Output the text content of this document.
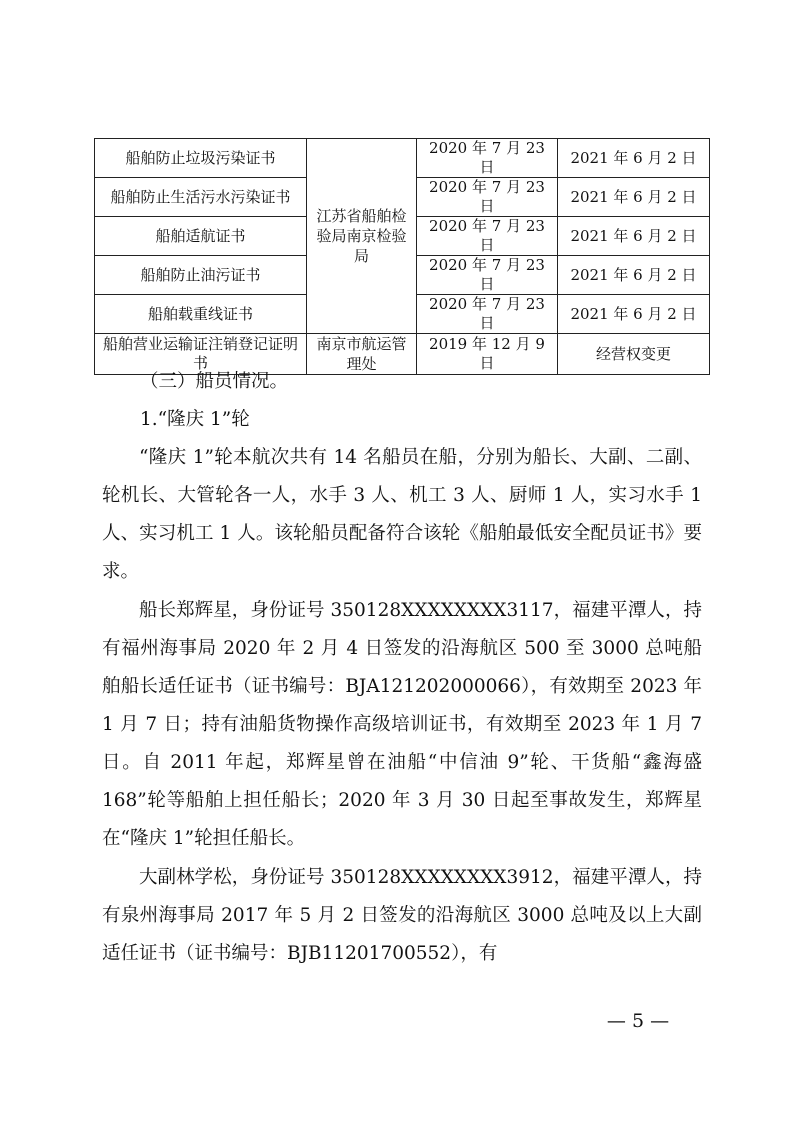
船舶防止垃圾污染证书	江苏省船舶检验局南京检验局	2020 年 7 月 23 日	2021 年 6 月 2 日
船舶防止生活污水污染证书		2020 年 7 月 23 日	2021 年 6 月 2 日
船舶适航证书		2020 年 7 月 23 日	2021 年 6 月 2 日
船舶防止油污证书		2020 年 7 月 23 日	2021 年 6 月 2 日
船舶载重线证书		2020 年 7 月 23 日	2021 年 6 月 2 日
船舶营业运输证注销登记证明书	南京市航运管理处	2019 年 12 月 9 日	经营权变更

（三）船员情况。

1.“隆庆 1”轮

“隆庆 1”轮本航次共有 14 名船员在船，分别为船长、大副、二副、轮机长、大管轮各一人，水手 3 人、机工 3 人、厨师 1 人，实习水手 1 人、实习机工 1 人。该轮船员配备符合该轮《船舶最低安全配员证书》要求。

船长郑辉星，身份证号 350128XXXXXXXX3117，福建平潭人，持有福州海事局 2020 年 2 月 4 日签发的沿海航区 500 至 3000 总吨船舶船长适任证书（证书编号：BJA121202000066），有效期至 2023 年 1 月 7 日；持有油船货物操作高级培训证书，有效期至 2023 年 1 月 7 日。自 2011 年起，郑辉星曾在油船“中信油 9”轮、干货船“鑫海盛 168”轮等船舶上担任船长；2020 年 3 月 30 日起至事故发生，郑辉星在“隆庆 1”轮担任船长。

大副林学松，身份证号 350128XXXXXXXX3912，福建平潭人，持有泉州海事局 2017 年 5 月 2 日签发的沿海航区 3000 总吨及以上大副适任证书（证书编号：BJB11201700552），有

— 5 —
